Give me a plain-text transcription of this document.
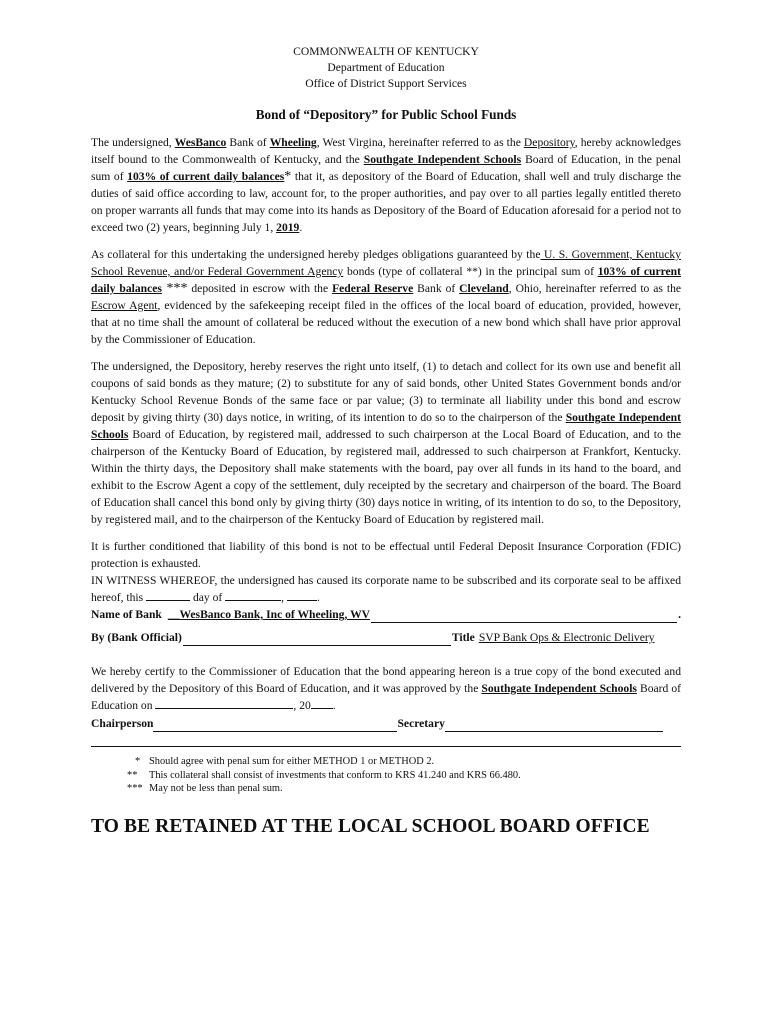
COMMONWEALTH OF KENTUCKY
Department of Education
Office of District Support Services
Bond of “Depository” for Public School Funds

The undersigned, WesBanco Bank of Wheeling, West Virgina, hereinafter referred to as the Depository, hereby acknowledges itself bound to the Commonwealth of Kentucky, and the Southgate Independent Schools Board of Education, in the penal sum of 103% of current daily balances* that it, as depository of the Board of Education, shall well and truly discharge the duties of said office according to law, account for, to the proper authorities, and pay over to all parties legally entitled thereto on proper warrants all funds that may come into its hands as Depository of the Board of Education aforesaid for a period not to exceed two (2) years, beginning July 1, 2019.

As collateral for this undertaking the undersigned hereby pledges obligations guaranteed by the U. S. Government, Kentucky School Revenue, and/or Federal Government Agency bonds (type of collateral **) in the principal sum of 103% of current daily balances *** deposited in escrow with the Federal Reserve Bank of Cleveland, Ohio, hereinafter referred to as the Escrow Agent, evidenced by the safekeeping receipt filed in the offices of the local board of education, provided, however, that at no time shall the amount of collateral be reduced without the execution of a new bond which shall have prior approval by the Commissioner of Education.

The undersigned, the Depository, hereby reserves the right unto itself, (1) to detach and collect for its own use and benefit all coupons of said bonds as they mature; (2) to substitute for any of said bonds, other United States Government bonds and/or Kentucky School Revenue Bonds of the same face or par value; (3) to terminate all liability under this bond and escrow deposit by giving thirty (30) days notice, in writing, of its intention to do so to the chairperson of the Southgate Independent Schools Board of Education, by registered mail, addressed to such chairperson at the Local Board of Education, and to the chairperson of the Kentucky Board of Education, by registered mail, addressed to such chairperson at Frankfort, Kentucky. Within the thirty days, the Depository shall make statements with the board, pay over all funds in its hand to the board, and exhibit to the Escrow Agent a copy of the settlement, duly receipted by the secretary and chairperson of the board. The Board of Education shall cancel this bond only by giving thirty (30) days notice in writing, of its intention to do so, to the Depository, by registered mail, and to the chairperson of the Kentucky Board of Education by registered mail.

It is further conditioned that liability of this bond is not to be effectual until Federal Deposit Insurance Corporation (FDIC) protection is exhausted.

IN WITNESS WHEREOF, the undersigned has caused its corporate name to be subscribed and its corporate seal to be affixed hereof, this	day of	,	.

Name of Bank __WesBanco Bank, Inc of Wheeling, WV	.
By (Bank Official)	Title SVP Bank Ops & Electronic Delivery

We hereby certify to the Commissioner of Education that the bond appearing hereon is a true copy of the bond executed and delivered by the Depository of this Board of Education, and it was approved by the Southgate Independent Schools Board of Education on	, 20 .

Chairperson	Secretary
* Should agree with penal sum for either METHOD 1 or METHOD 2.
**	This collateral shall consist of investments that conform to KRS 41.240 and KRS 66.480.
*** May not be less than penal sum.
TO BE RETAINED AT THE LOCAL SCHOOL BOARD OFFICE
